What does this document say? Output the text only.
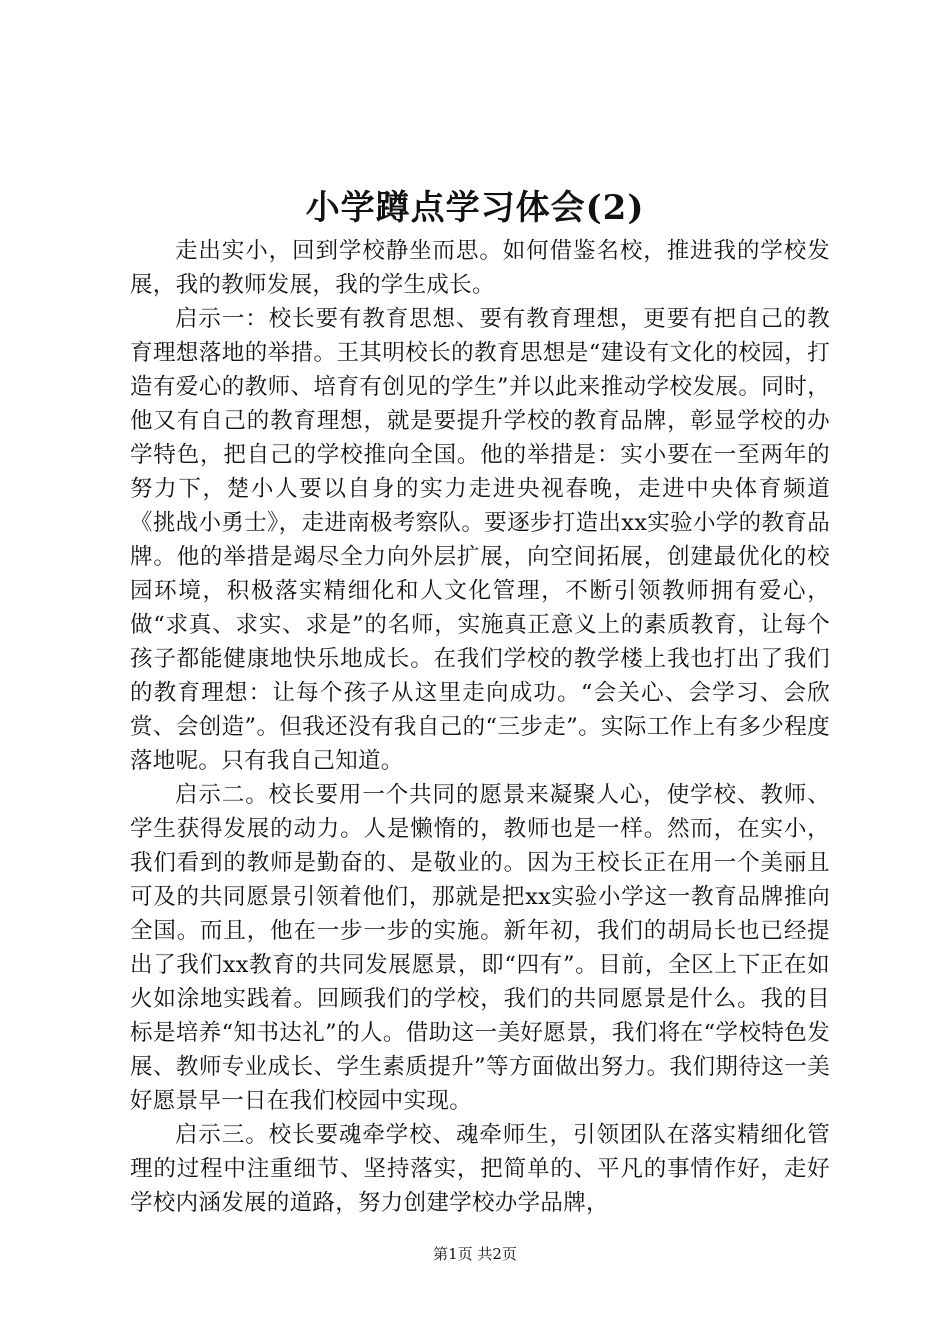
小学蹲点学习体会(2)

走出实小，回到学校静坐而思。如何借鉴名校，推进我的学校发展，我的教师发展，我的学生成长。

启示一：校长要有教育思想、要有教育理想，更要有把自己的教育理想落地的举措。王其明校长的教育思想是“建设有文化的校园，打造有爱心的教师、培育有创见的学生”并以此来推动学校发展。同时，他又有自己的教育理想，就是要提升学校的教育品牌，彰显学校的办学特色，把自己的学校推向全国。他的举措是：实小要在一至两年的努力下，楚小人要以自身的实力走进央视春晚，走进中央体育频道《挑战小勇士》，走进南极考察队。要逐步打造出xx实验小学的教育品牌。他的举措是竭尽全力向外层扩展，向空间拓展，创建最优化的校园环境，积极落实精细化和人文化管理，不断引领教师拥有爱心，做“求真、求实、求是”的名师，实施真正意义上的素质教育，让每个孩子都能健康地快乐地成长。在我们学校的教学楼上我也打出了我们的教育理想：让每个孩子从这里走向成功。“会关心、会学习、会欣赏、会创造”。但我还没有我自己的“三步走”。实际工作上有多少程度落地呢。只有我自己知道。

启示二。校长要用一个共同的愿景来凝聚人心，使学校、教师、学生获得发展的动力。人是懒惰的，教师也是一样。然而，在实小，我们看到的教师是勤奋的、是敬业的。因为王校长正在用一个美丽且可及的共同愿景引领着他们，那就是把xx实验小学这一教育品牌推向全国。而且，他在一步一步的实施。新年初，我们的胡局长也已经提出了我们xx教育的共同发展愿景，即“四有”。目前，全区上下正在如火如涂地实践着。回顾我们的学校，我们的共同愿景是什么。我的目标是培养“知书达礼”的人。借助这一美好愿景，我们将在“学校特色发展、教师专业成长、学生素质提升”等方面做出努力。我们期待这一美好愿景早一日在我们校园中实现。

启示三。校长要魂牵学校、魂牵师生，引领团队在落实精细化管理的过程中注重细节、坚持落实，把简单的、平凡的事情作好，走好学校内涵发展的道路，努力创建学校办学品牌，

第1页 共2页
